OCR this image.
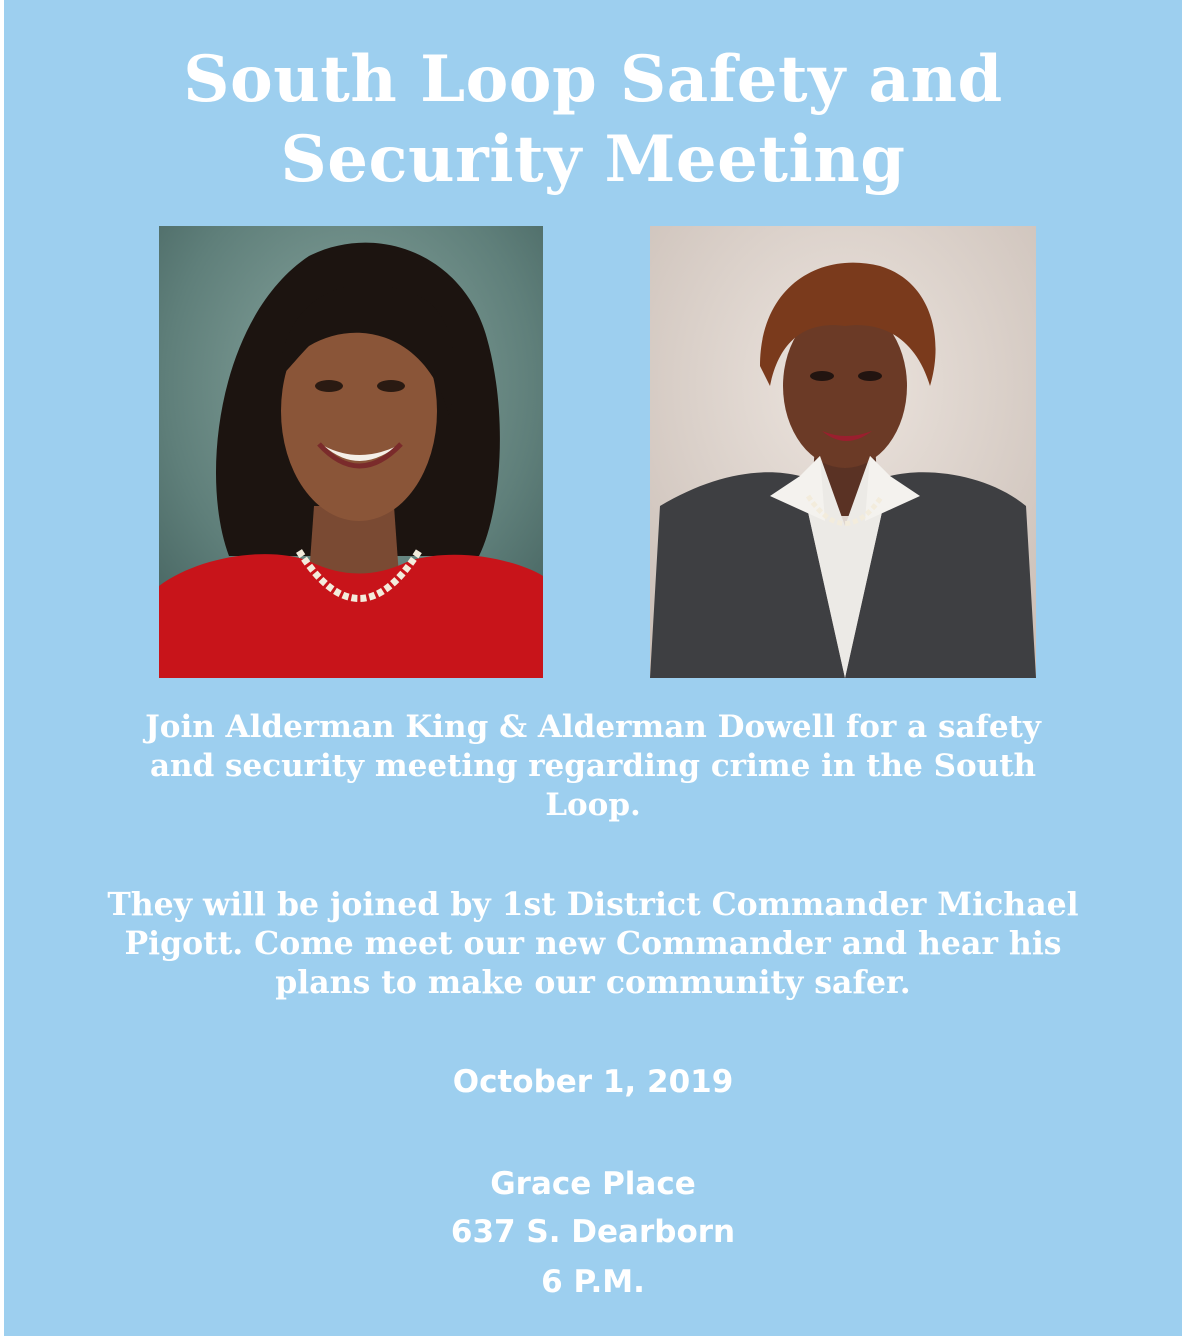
South Loop Safety and
Security Meeting
Join Alderman King & Alderman Dowell for a safety
and security meeting regarding crime in the South
Loop.
They will be joined by 1st District Commander Michael
Pigott. Come meet our new Commander and hear his
plans to make our community safer.
October 1, 2019
Grace Place
637 S. Dearborn
6 P.M.
